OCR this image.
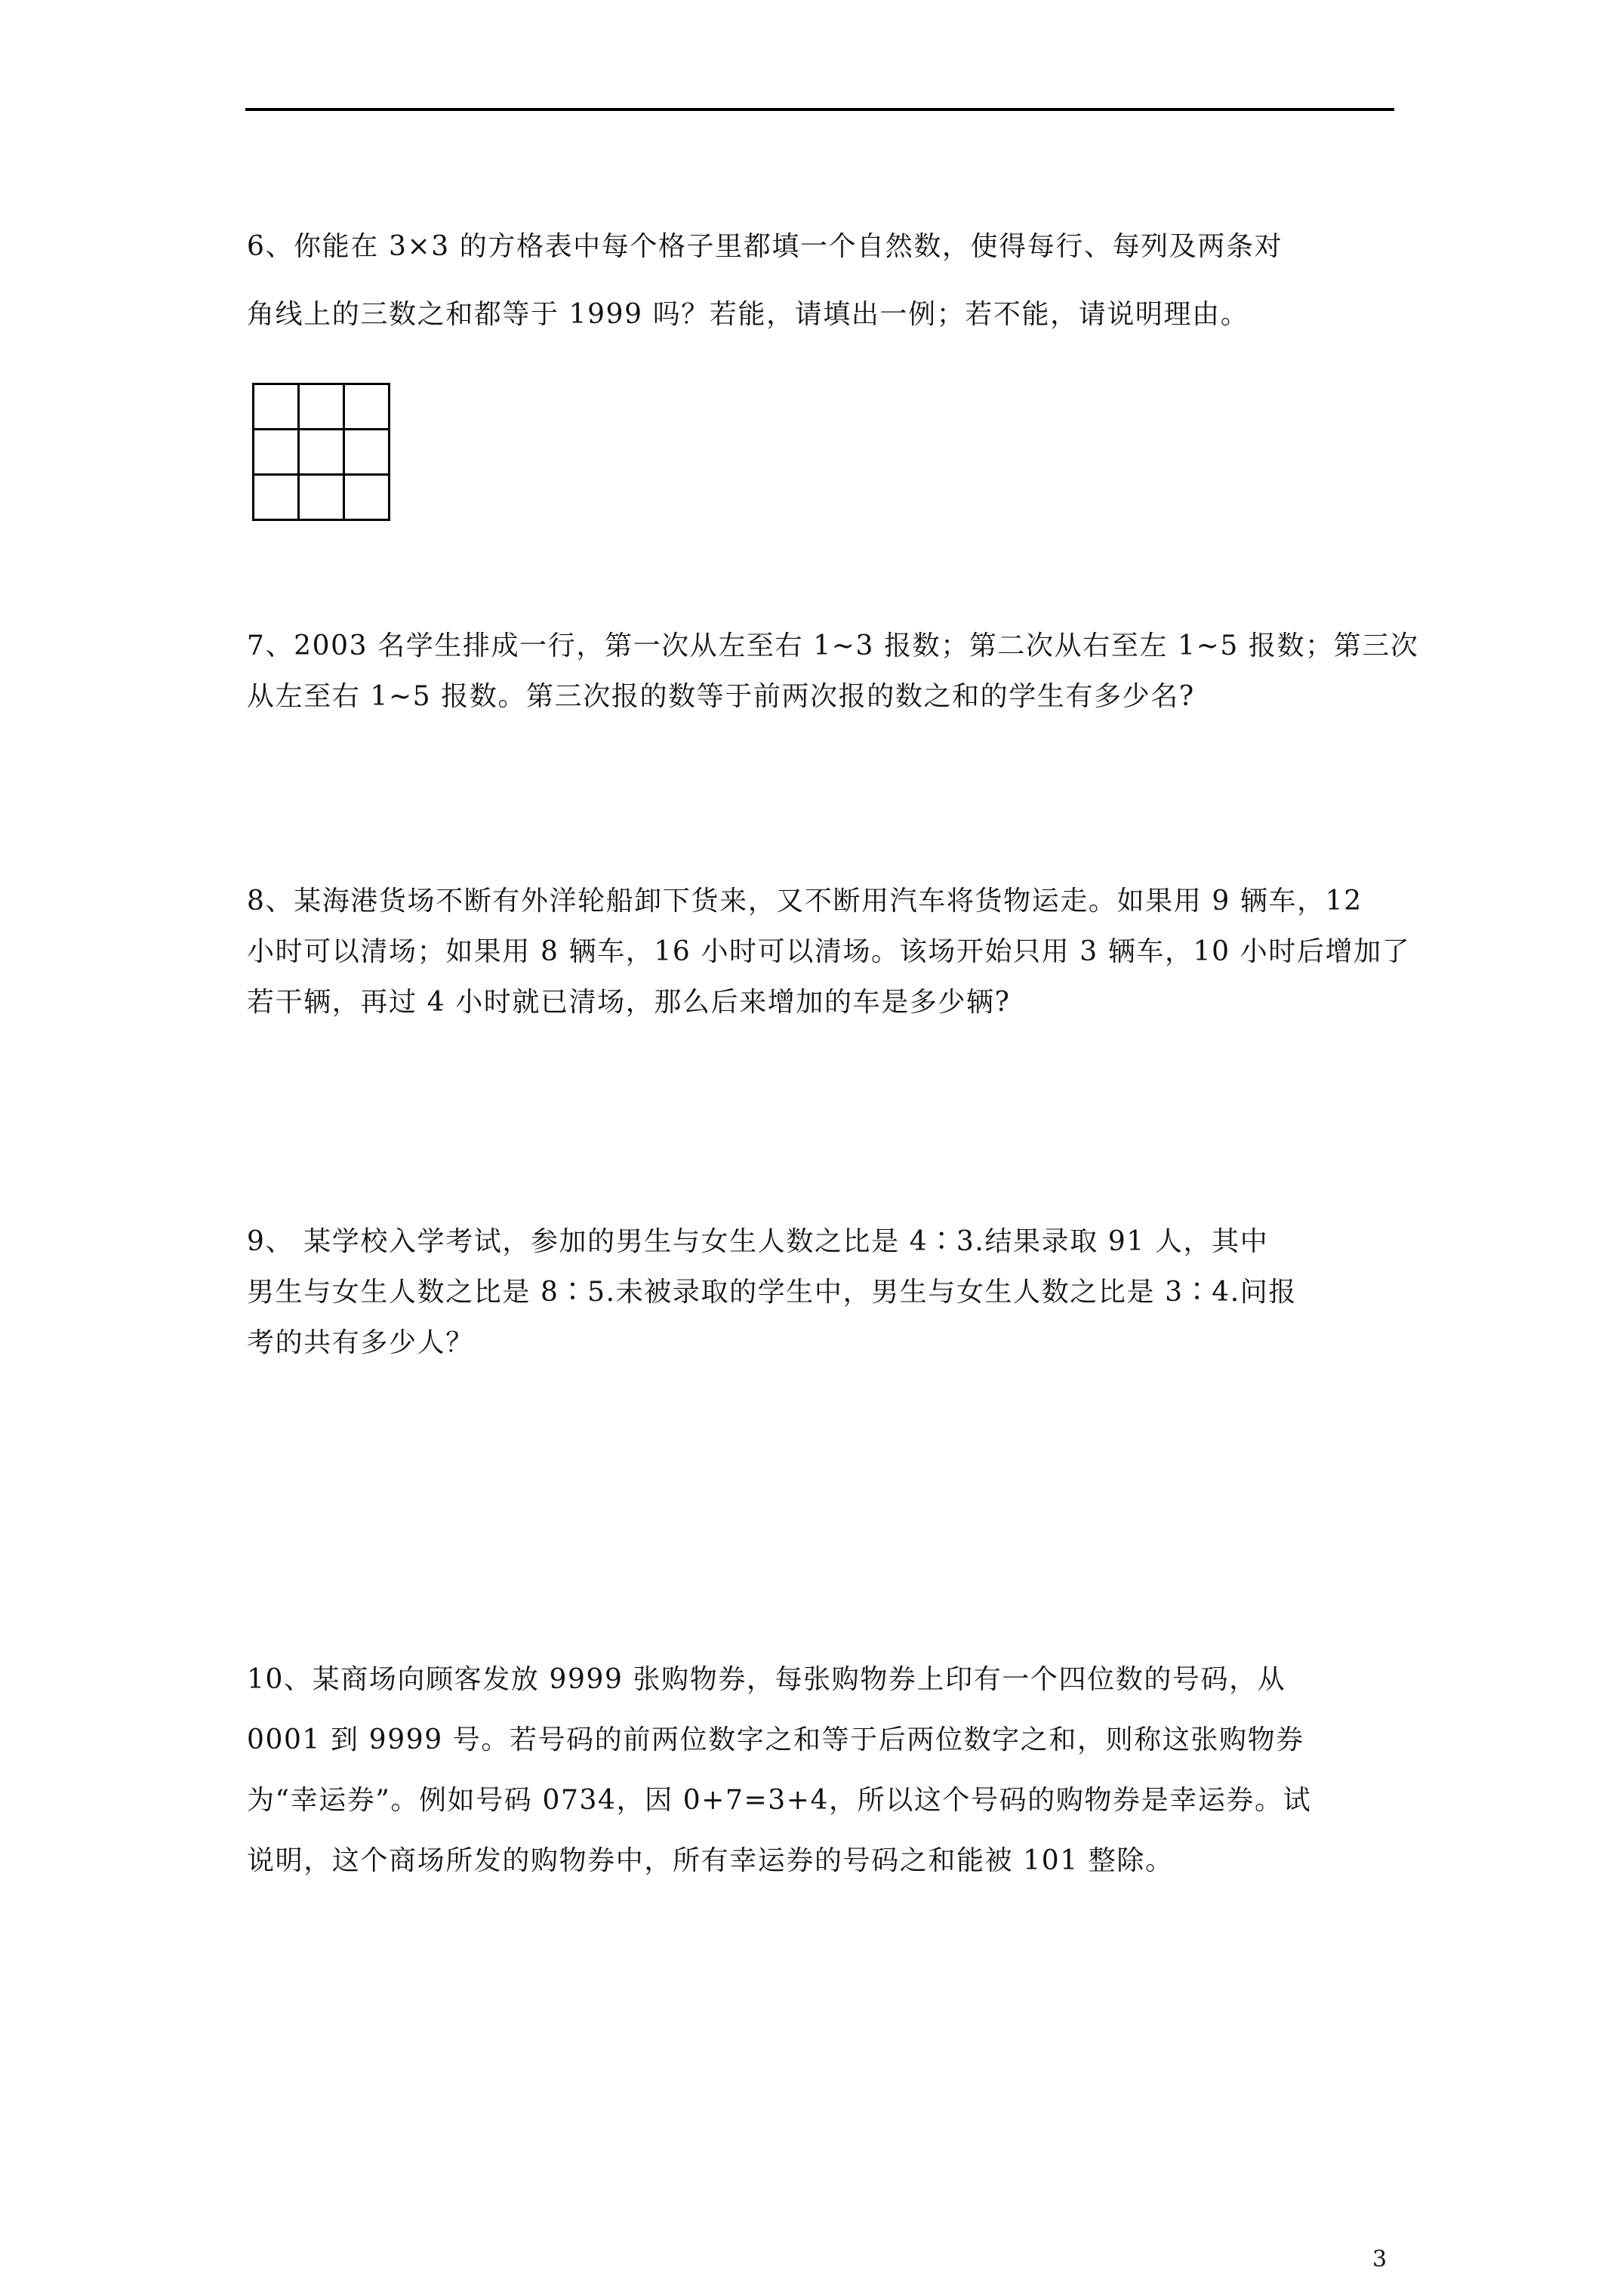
6、你能在 3×3 的方格表中每个格子里都填一个自然数，使得每行、每列及两条对
角线上的三数之和都等于 1999 吗？若能，请填出一例；若不能，请说明理由。
7、2003 名学生排成一行，第一次从左至右 1~3 报数；第二次从右至左 1~5 报数；第三次
从左至右 1~5 报数。第三次报的数等于前两次报的数之和的学生有多少名?
8、某海港货场不断有外洋轮船卸下货来，又不断用汽车将货物运走。如果用 9 辆车，12
小时可以清场；如果用 8 辆车，16 小时可以清场。该场开始只用 3 辆车，10 小时后增加了
若干辆，再过 4 小时就已清场，那么后来增加的车是多少辆?
9、 某学校入学考试，参加的男生与女生人数之比是 4∶3.结果录取 91 人，其中
男生与女生人数之比是 8∶5.未被录取的学生中，男生与女生人数之比是 3∶4.问报
考的共有多少人？
10、某商场向顾客发放 9999 张购物券，每张购物券上印有一个四位数的号码，从
0001 到 9999 号。若号码的前两位数字之和等于后两位数字之和，则称这张购物券
为“幸运券”。例如号码 0734，因 0+7=3+4，所以这个号码的购物券是幸运券。试
说明，这个商场所发的购物券中，所有幸运券的号码之和能被 101 整除。
3
